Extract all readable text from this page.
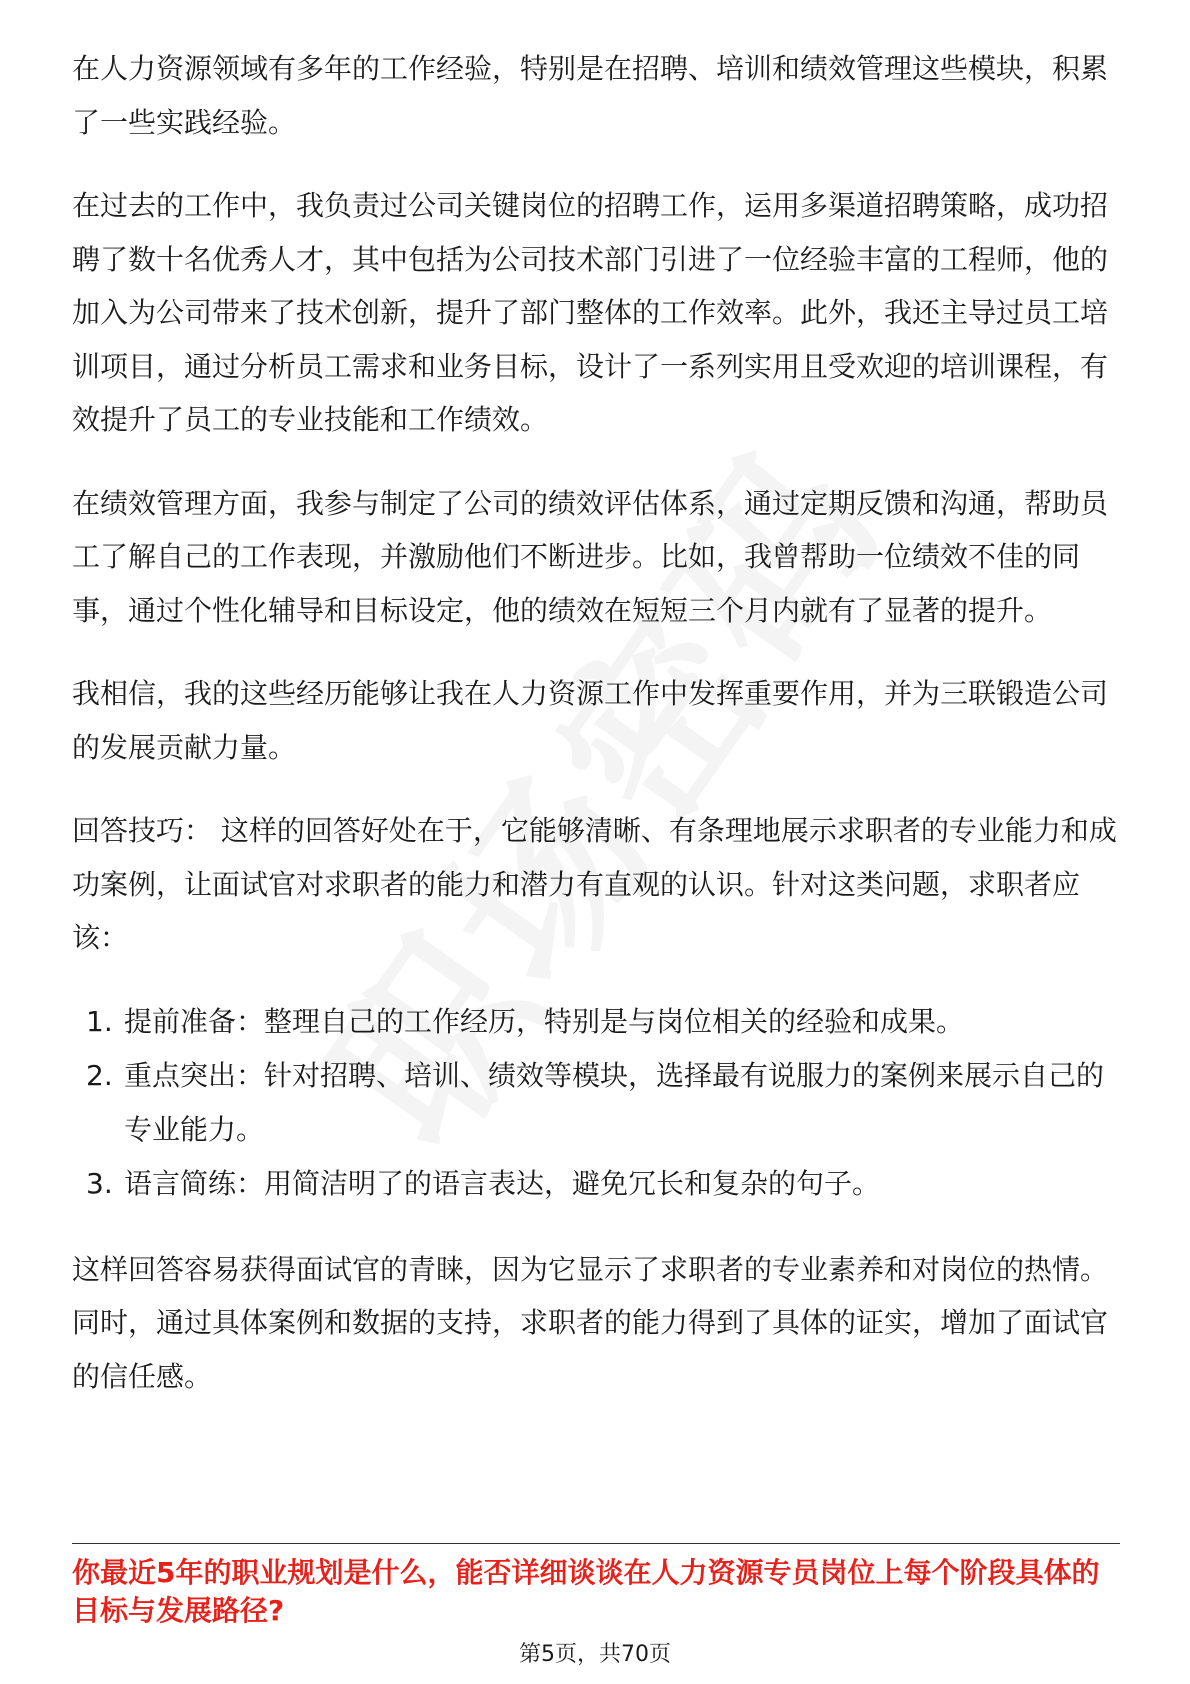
在人力资源领域有多年的工作经验，特别是在招聘、培训和绩效管理这些模块，积累了一些实践经验。

在过去的工作中，我负责过公司关键岗位的招聘工作，运用多渠道招聘策略，成功招聘了数十名优秀人才，其中包括为公司技术部门引进了一位经验丰富的工程师，他的加入为公司带来了技术创新，提升了部门整体的工作效率。此外，我还主导过员工培训项目，通过分析员工需求和业务目标，设计了一系列实用且受欢迎的培训课程，有效提升了员工的专业技能和工作绩效。

在绩效管理方面，我参与制定了公司的绩效评估体系，通过定期反馈和沟通，帮助员工了解自己的工作表现，并激励他们不断进步。比如，我曾帮助一位绩效不佳的同事，通过个性化辅导和目标设定，他的绩效在短短三个月内就有了显著的提升。

我相信，我的这些经历能够让我在人力资源工作中发挥重要作用，并为三联锻造公司的发展贡献力量。

回答技巧： 这样的回答好处在于，它能够清晰、有条理地展示求职者的专业能力和成功案例，让面试官对求职者的能力和潜力有直观的认识。针对这类问题，求职者应该：

1. 提前准备：整理自己的工作经历，特别是与岗位相关的经验和成果。
2. 重点突出：针对招聘、培训、绩效等模块，选择最有说服力的案例来展示自己的专业能力。
3. 语言简练：用简洁明了的语言表达，避免冗长和复杂的句子。

这样回答容易获得面试官的青睐，因为它显示了求职者的专业素养和对岗位的热情。同时，通过具体案例和数据的支持，求职者的能力得到了具体的证实，增加了面试官的信任感。

你最近5年的职业规划是什么，能否详细谈谈在人力资源专员岗位上每个阶段具体的目标与发展路径?

第5页，共70页
